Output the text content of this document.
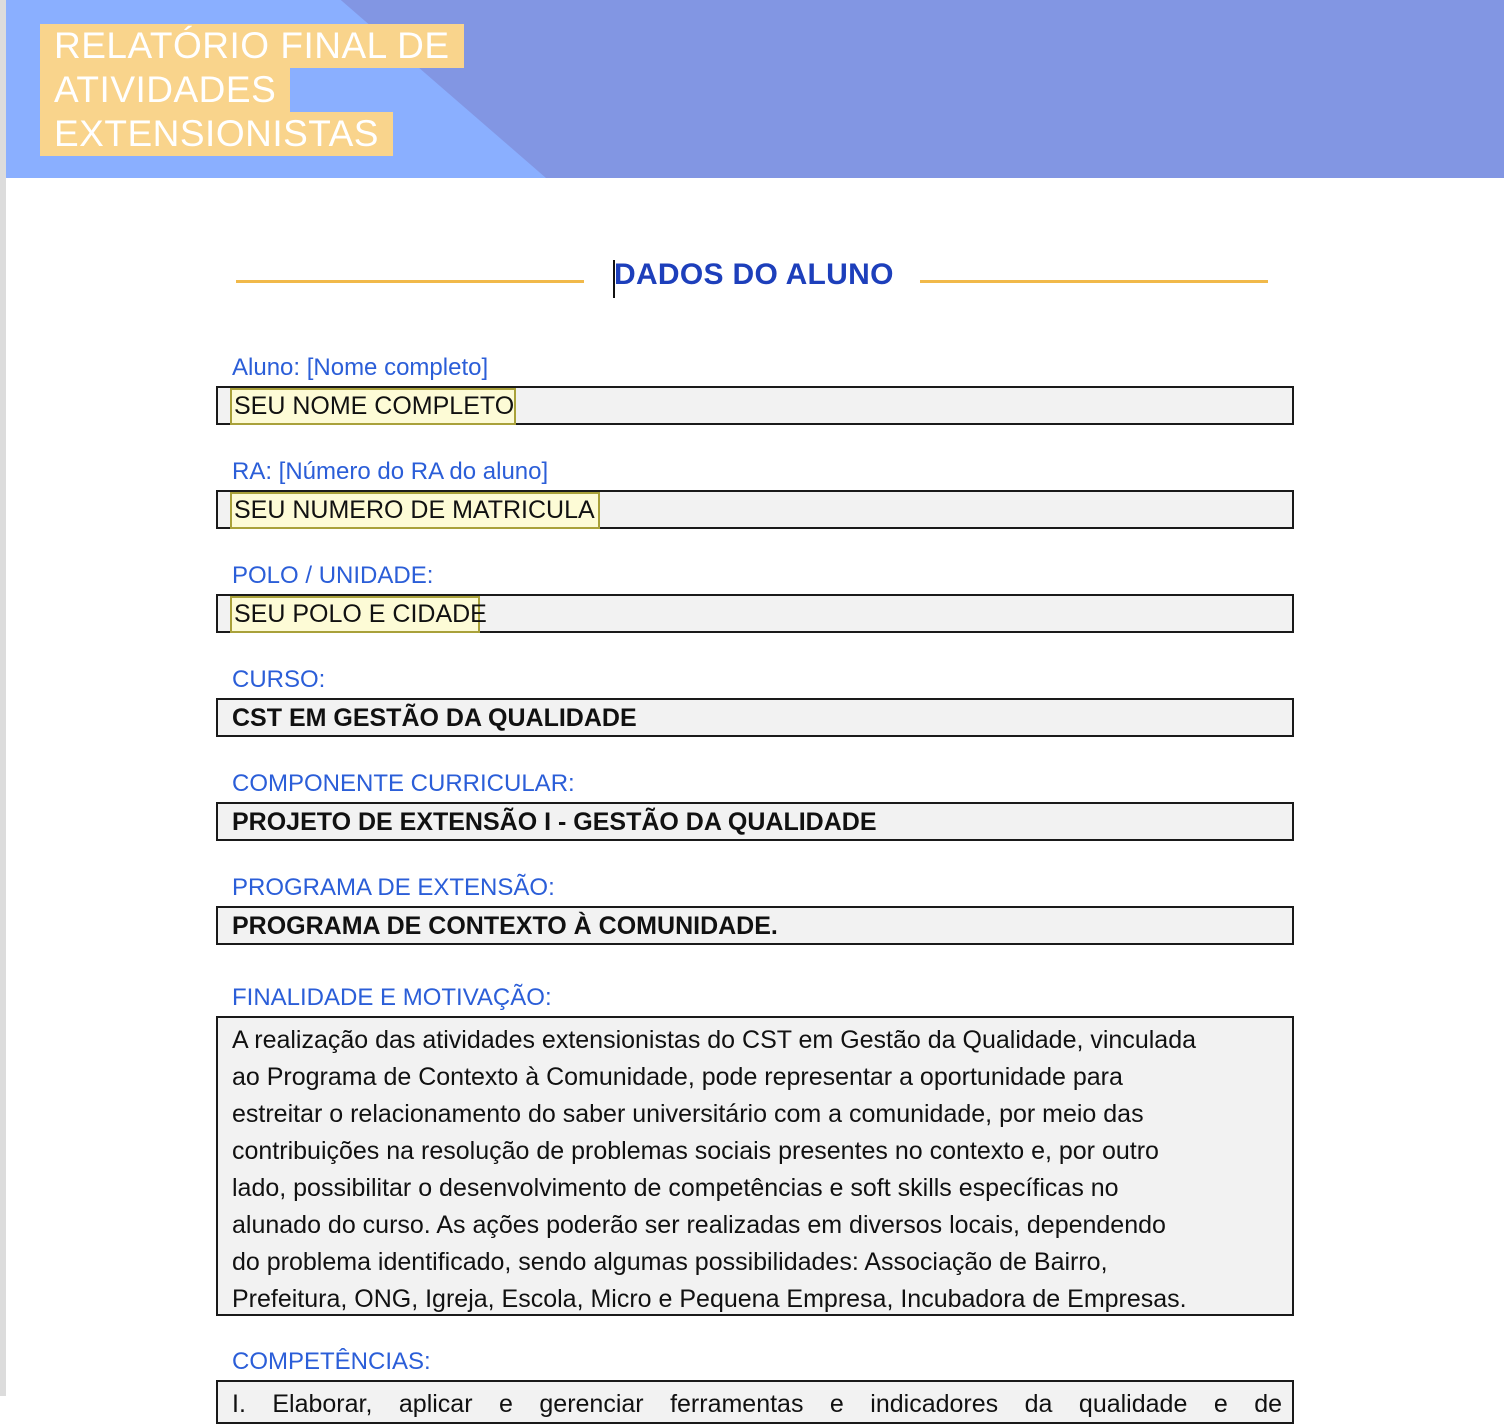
RELATÓRIO FINAL DE
ATIVIDADES
EXTENSIONISTAS
DADOS DO ALUNO
Aluno: [Nome completo]
SEU NOME COMPLETO
RA: [Número do RA do aluno]
SEU NUMERO DE MATRICULA
POLO / UNIDADE:
SEU POLO E CIDADE
CURSO:
CST EM GESTÃO DA QUALIDADE
COMPONENTE CURRICULAR:
PROJETO DE EXTENSÃO I - GESTÃO DA QUALIDADE
PROGRAMA DE EXTENSÃO:
PROGRAMA DE CONTEXTO À COMUNIDADE.
FINALIDADE E MOTIVAÇÃO:
A realização das atividades extensionistas do CST em Gestão da Qualidade, vinculada
ao Programa de Contexto à Comunidade, pode representar a oportunidade para
estreitar o relacionamento do saber universitário com a comunidade, por meio das
contribuições na resolução de problemas sociais presentes no contexto e, por outro
lado, possibilitar o desenvolvimento de competências e soft skills específicas no
alunado do curso. As ações poderão ser realizadas em diversos locais, dependendo
do problema identificado, sendo algumas possibilidades: Associação de Bairro,
Prefeitura, ONG, Igreja, Escola, Micro e Pequena Empresa, Incubadora de Empresas.
COMPETÊNCIAS:
I. Elaborar, aplicar e gerenciar ferramentas e indicadores da qualidade e de
